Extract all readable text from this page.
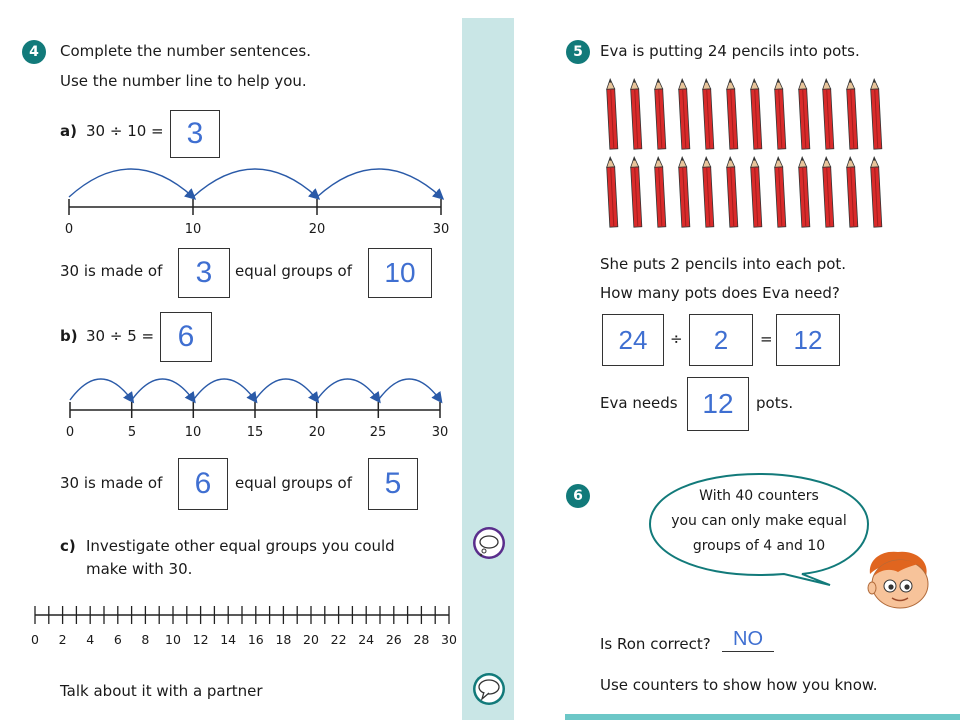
4	Complete the number sentences.
Use the number line to help you.
a) 30 ÷ 10 = 3
0	10	20	30
30 is made of 3 equal groups of 10
b) 30 ÷ 5 = 6
0	5	10	15	20	25	30
30 is made of 6 equal groups of 5
c) Investigate other equal groups you could
make with 30.
0	2	4	6	8	10 12 14 16 18 20 22 24 26 28 30
Talk about it with a partner
5	Eva is putting 24 pencils into pots.
She puts 2 pencils into each pot.
How many pots does Eva need?
24 ÷ 2 = 12
Eva needs 12 pots.
6	With 40 counters
you can only make equal
groups of 4 and 10
Is Ron correct?	NO
Use counters to show how you know.
